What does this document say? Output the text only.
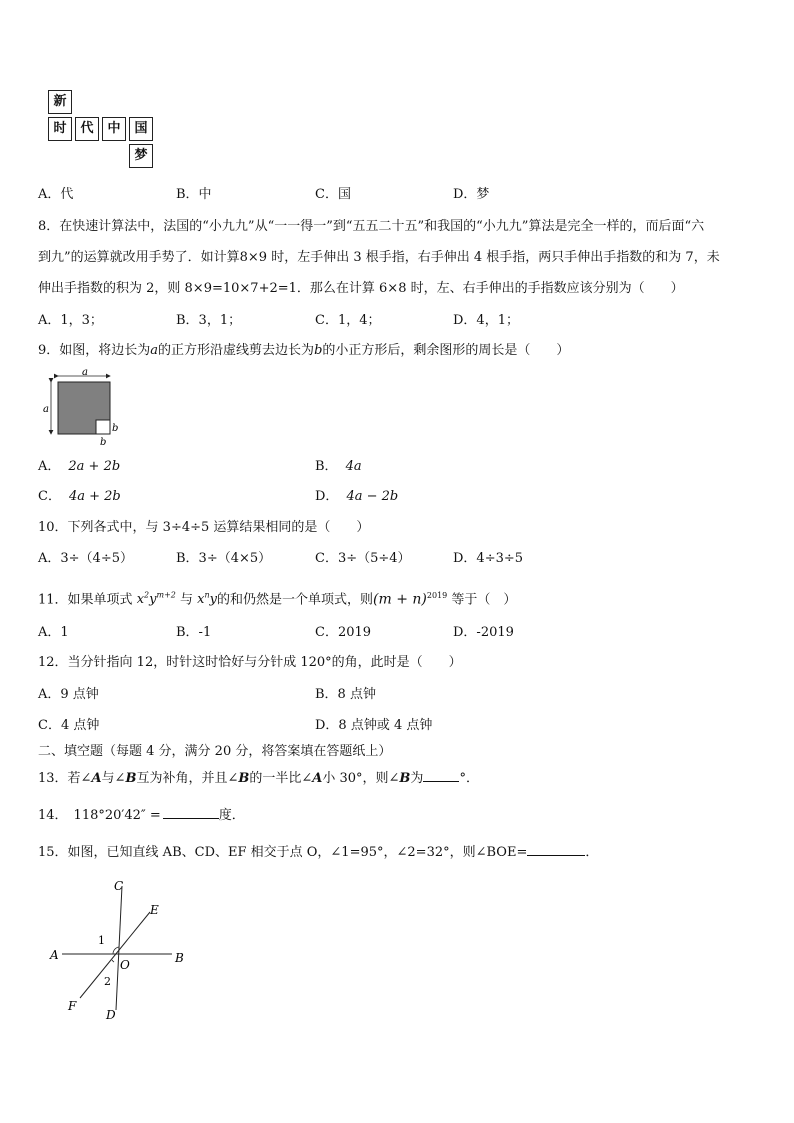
新
时	代	中	国
梦
A．代	B．中	C．国	D．梦
8．在快速计算法中，法国的“小九九”从“一一得一”到“五五二十五”和我国的“小九九”算法是完全一样的，而后面“六
到九”的运算就改用手势了．如计算8×9 时，左手伸出 3 根手指，右手伸出 4 根手指，两只手伸出手指数的和为 7，未
伸出手指数的积为 2，则 8×9=10×7+2=1．那么在计算 6×8 时，左、右手伸出的手指数应该分别为（　　）
A．1，3；	B．3，1；	C．1，4；	D．4，1；
9．如图，将边长为a的正方形沿虚线剪去边长为b的小正方形后，剩余图形的周长是（　　）
a
a
b
b
A． 2a + 2b	B． 4a
C． 4a + 2b	D． 4a − 2b
10．下列各式中，与 3÷4÷5 运算结果相同的是（　　）
A．3÷（4÷5）	B．3÷（4×5）	C．3÷（5÷4）	D．4÷3÷5
11．如果单项式 $x^2y^{m+2}$ 与 $x^ny$的和仍然是一个单项式，则$(m + n)^{2019}$ 等于（　）
A．1	B．-1	C．2019	D．-2019
12．当分针指向 12，时针这时恰好与分针成 120°的角，此时是（　　）
A．9 点钟	B．8 点钟
C．4 点钟	D．8 点钟或 4 点钟
二、填空题（每题 4 分，满分 20 分，将答案填在答题纸上）
13．若∠A与∠B互为补角，并且∠B的一半比∠A小 30°，则∠B为	°．
14． 118°20′42″ =	度．
15．如图，已知直线 AB、CD、EF 相交于点 O，∠1=95°，∠2=32°，则∠BOE=	．
C
E
A	B
O
F
D
1
2
